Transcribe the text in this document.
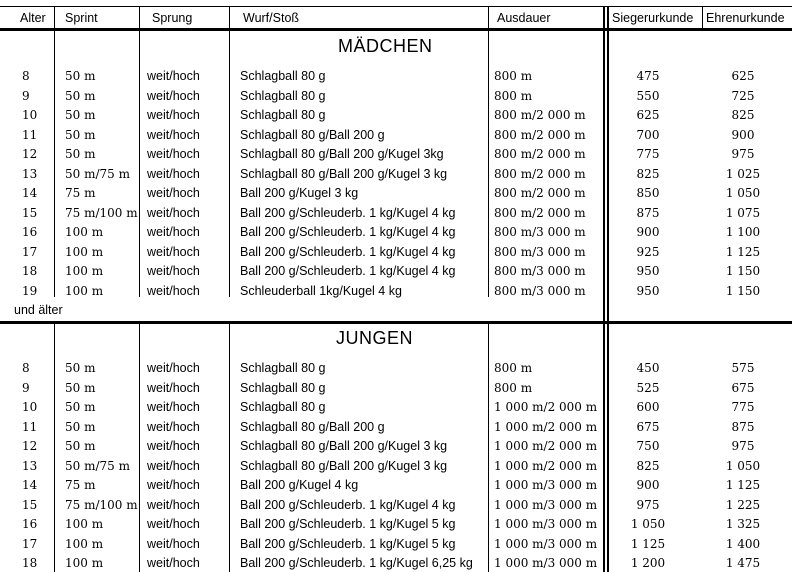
Alter Sprint	Sprung	Wurf/Stoß	Ausdauer	Siegerurkunde Ehrenurkunde
MÄDCHEN
JUNGEN
und älter
8	50 m	weit/hoch	Schlagball 80 g	800 m	475	625
9	50 m	weit/hoch	Schlagball 80 g	800 m	550	725
10 50 m	weit/hoch	Schlagball 80 g	800 m/2 000 m	625	825
11 50 m	weit/hoch	Schlagball 80 g/Ball 200 g	800 m/2 000 m	700	900
12 50 m	weit/hoch	Schlagball 80 g/Ball 200 g/Kugel 3kg	800 m/2 000 m	775	975
13 50 m/75 m weit/hoch	Schlagball 80 g/Ball 200 g/Kugel 3 kg	800 m/2 000 m	825	1 025
14 75 m	weit/hoch	Ball 200 g/Kugel 3 kg	800 m/2 000 m	850	1 050
15 75 m/100 m weit/hoch	Ball 200 g/Schleuderb. 1 kg/Kugel 4 kg	800 m/2 000 m	875	1 075
16 100 m	weit/hoch	Ball 200 g/Schleuderb. 1 kg/Kugel 4 kg	800 m/3 000 m	900	1 100
17 100 m	weit/hoch	Ball 200 g/Schleuderb. 1 kg/Kugel 4 kg	800 m/3 000 m	925	1 125
18 100 m	weit/hoch	Ball 200 g/Schleuderb. 1 kg/Kugel 4 kg	800 m/3 000 m	950	1 150
19 100 m	weit/hoch	Schleuderball 1kg/Kugel 4 kg	800 m/3 000 m	950	1 150
8	50 m	weit/hoch	Schlagball 80 g	800 m	450	575
9	50 m	weit/hoch	Schlagball 80 g	800 m	525	675
10 50 m	weit/hoch	Schlagball 80 g	1 000 m/2 000 m	600	775
11 50 m	weit/hoch	Schlagball 80 g/Ball 200 g	1 000 m/2 000 m	675	875
12 50 m	weit/hoch	Schlagball 80 g/Ball 200 g/Kugel 3 kg	1 000 m/2 000 m	750	975
13 50 m/75 m weit/hoch	Schlagball 80 g/Ball 200 g/Kugel 3 kg	1 000 m/2 000 m	825	1 050
14 75 m	weit/hoch	Ball 200 g/Kugel 4 kg	1 000 m/3 000 m	900	1 125
15 75 m/100 m weit/hoch	Ball 200 g/Schleuderb. 1 kg/Kugel 4 kg	1 000 m/3 000 m	975	1 225
16 100 m	weit/hoch	Ball 200 g/Schleuderb. 1 kg/Kugel 5 kg	1 000 m/3 000 m	1 050	1 325
17 100 m	weit/hoch	Ball 200 g/Schleuderb. 1 kg/Kugel 5 kg	1 000 m/3 000 m	1 125	1 400
18 100 m	weit/hoch	Ball 200 g/Schleuderb. 1 kg/Kugel 6,25 kg 1 000 m/3 000 m	1 200	1 475
